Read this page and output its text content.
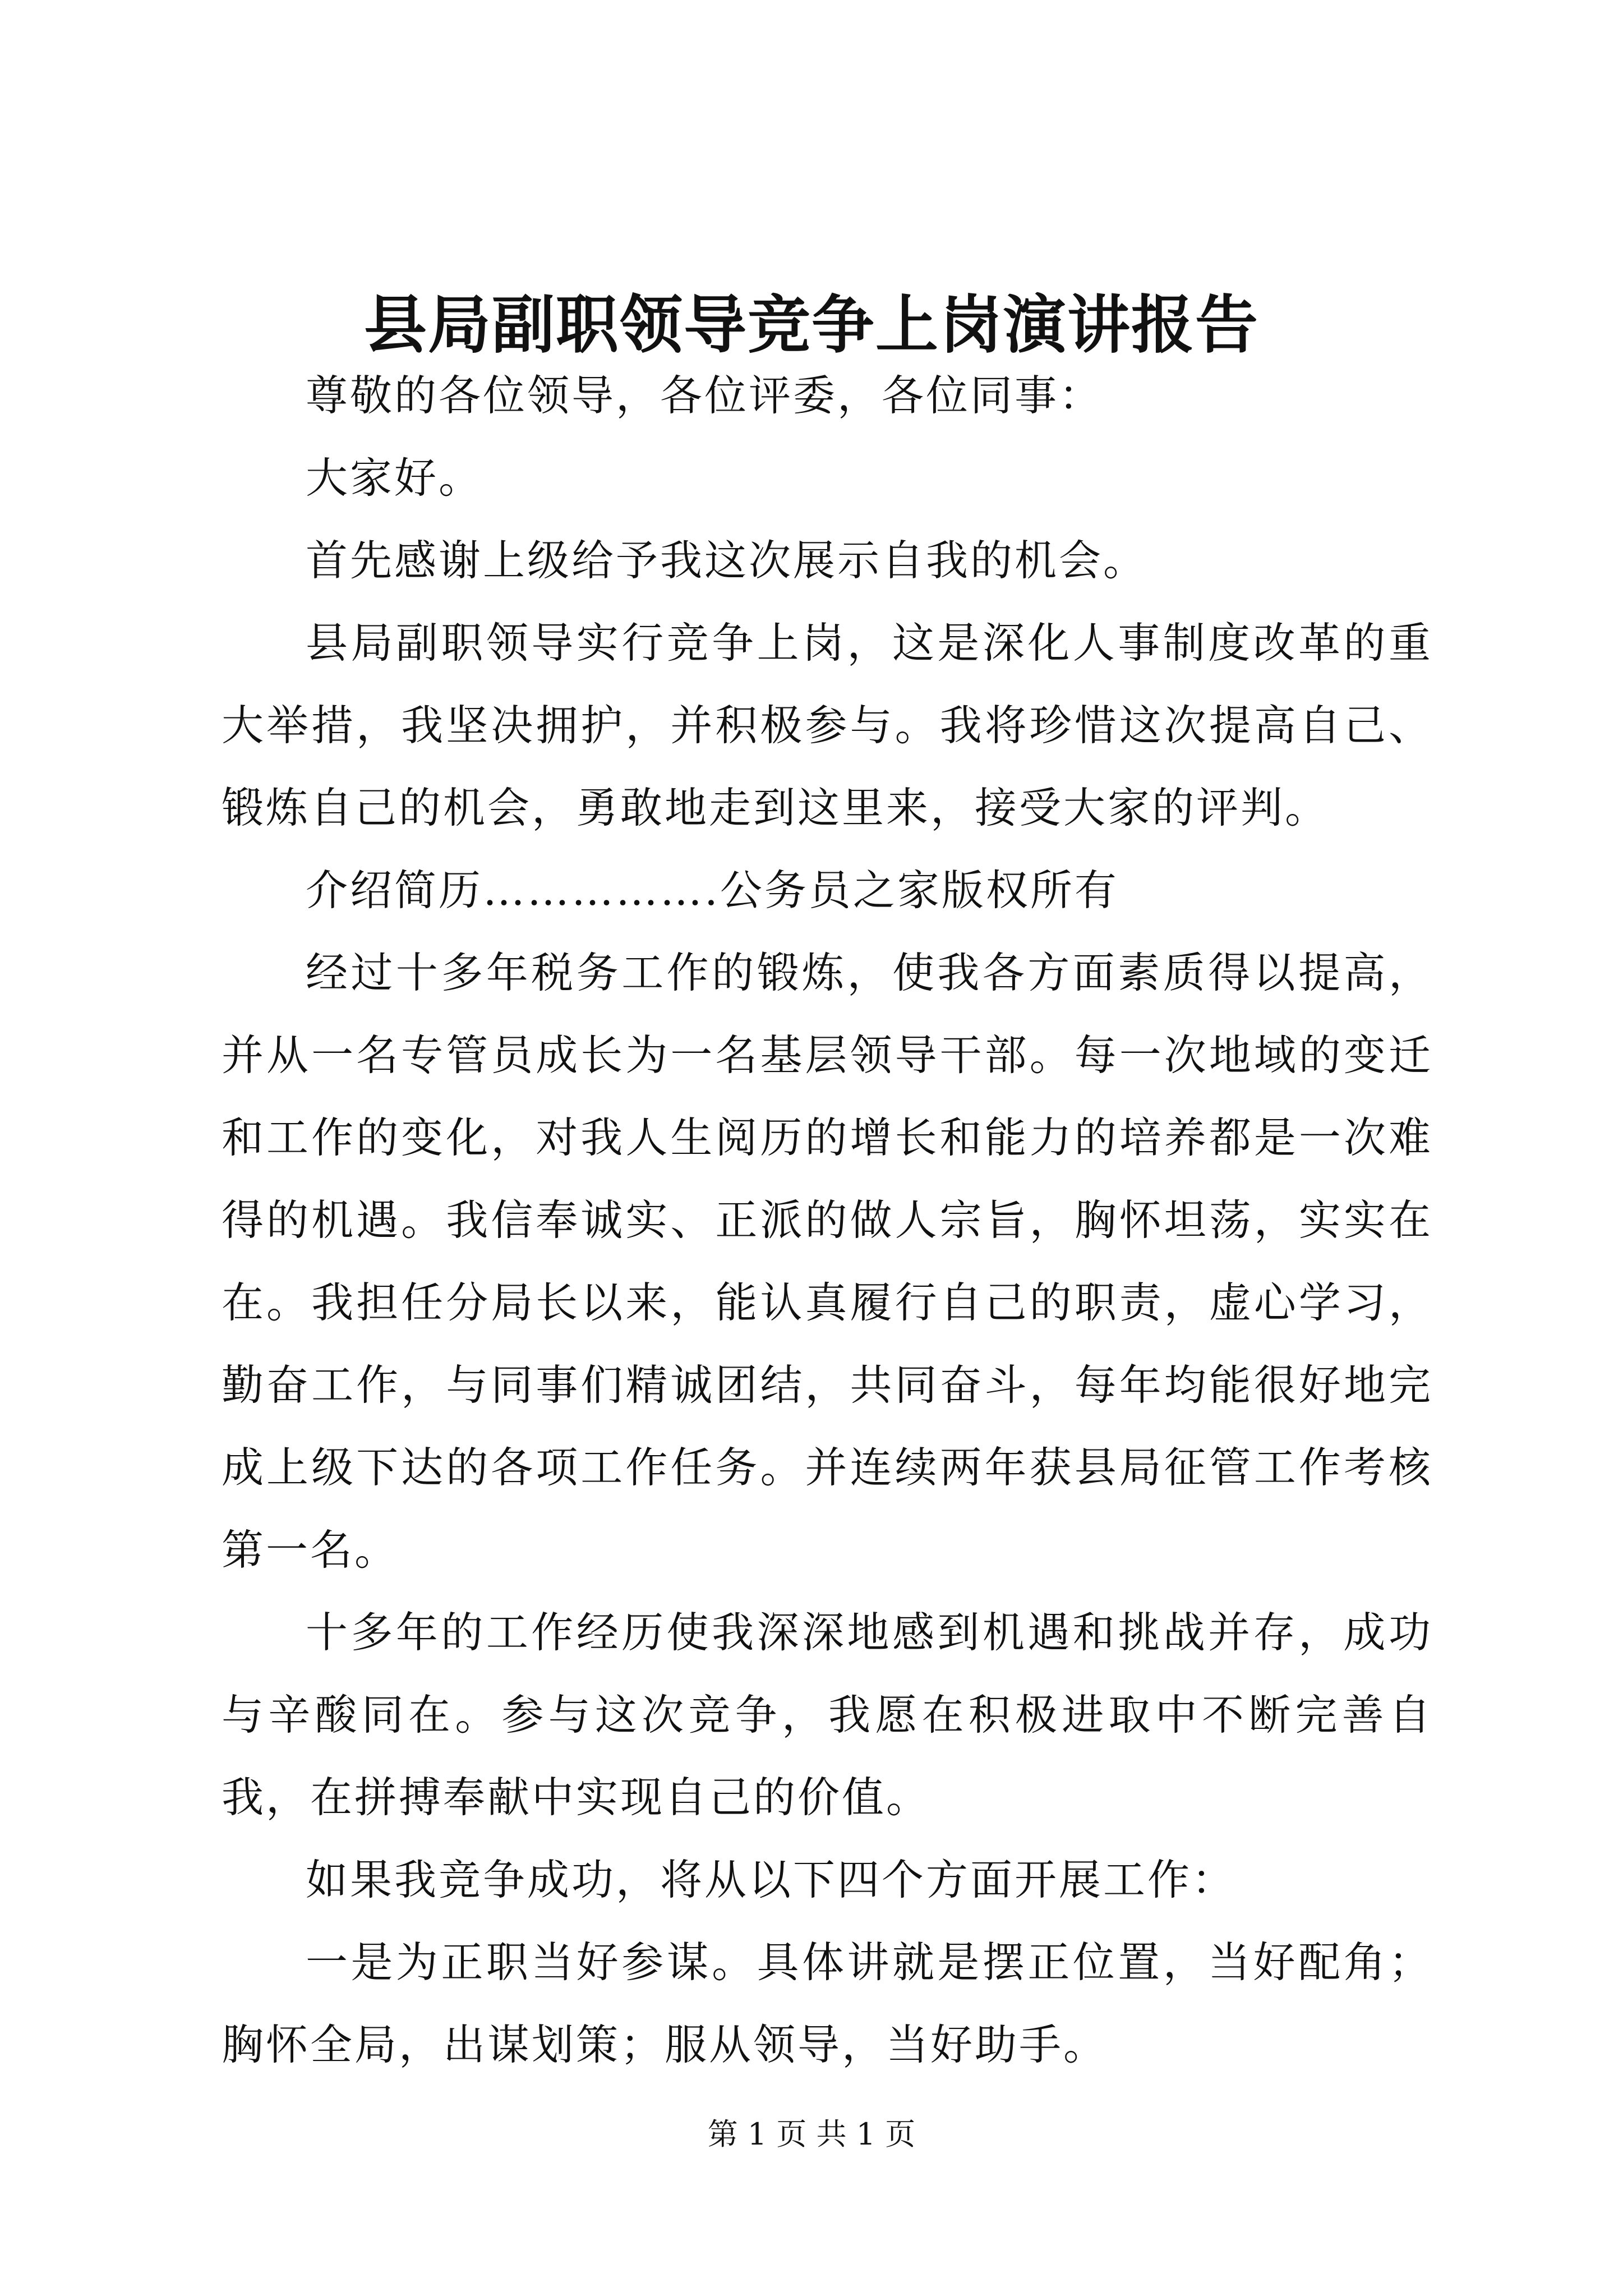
县局副职领导竞争上岗演讲报告

尊敬的各位领导，各位评委，各位同事：

大家好。

首先感谢上级给予我这次展示自我的机会。

县局副职领导实行竞争上岗，这是深化人事制度改革的重大举措，我坚决拥护，并积极参与。我将珍惜这次提高自己、锻炼自己的机会，勇敢地走到这里来，接受大家的评判。

介绍简历…………….公务员之家版权所有

经过十多年税务工作的锻炼，使我各方面素质得以提高，并从一名专管员成长为一名基层领导干部。每一次地域的变迁和工作的变化，对我人生阅历的增长和能力的培养都是一次难得的机遇。我信奉诚实、正派的做人宗旨，胸怀坦荡，实实在在。我担任分局长以来，能认真履行自己的职责，虚心学习，勤奋工作，与同事们精诚团结，共同奋斗，每年均能很好地完成上级下达的各项工作任务。并连续两年获县局征管工作考核第一名。

十多年的工作经历使我深深地感到机遇和挑战并存，成功与辛酸同在。参与这次竞争，我愿在积极进取中不断完善自我，在拼搏奉献中实现自己的价值。

如果我竞争成功，将从以下四个方面开展工作：

一是为正职当好参谋。具体讲就是摆正位置，当好配角；胸怀全局，出谋划策；服从领导，当好助手。

第 1 页 共 1 页
